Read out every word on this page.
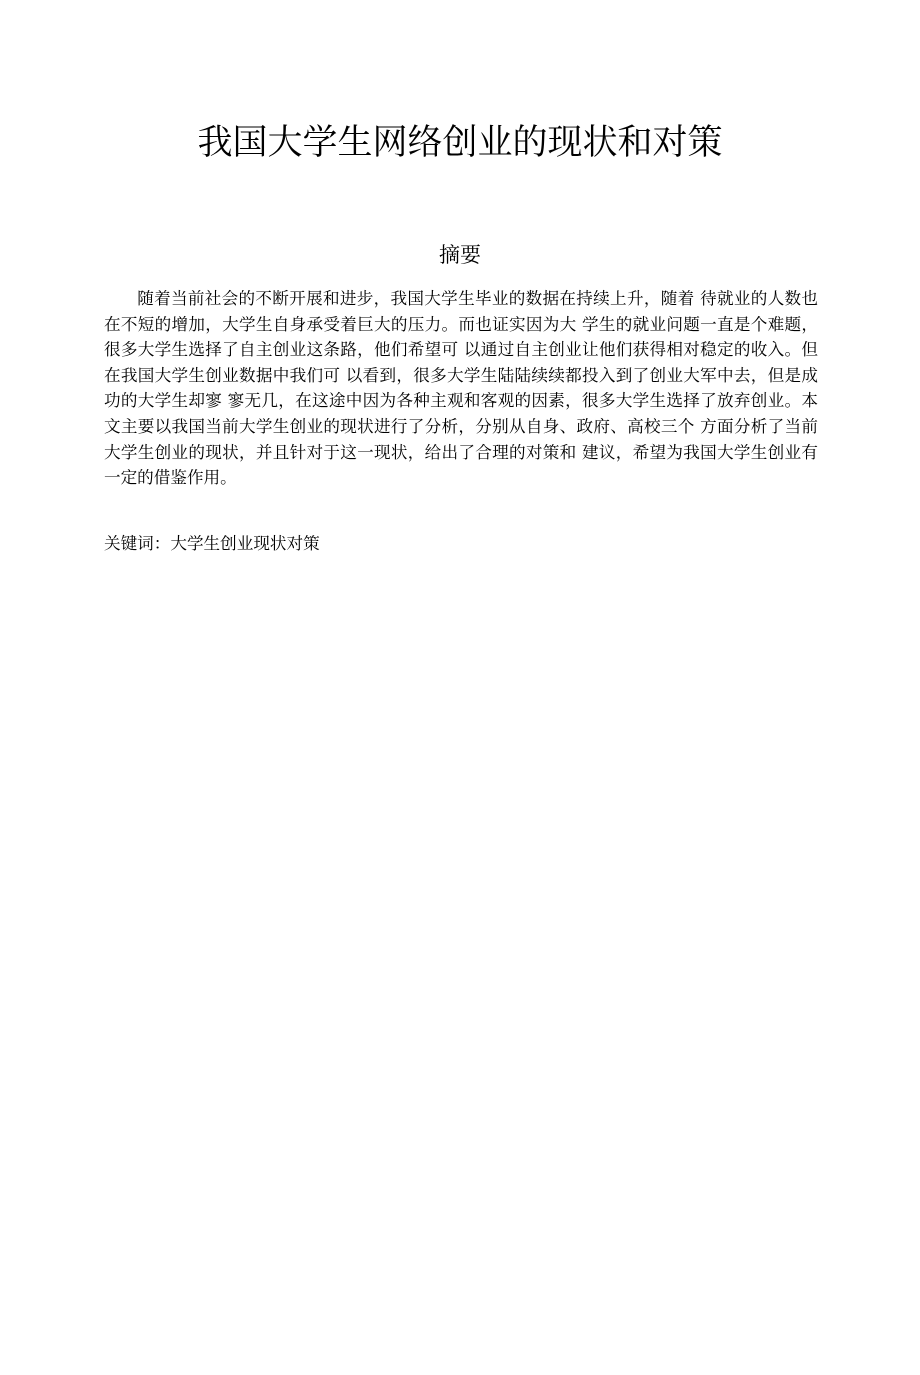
我国大学生网络创业的现状和对策
摘要

随着当前社会的不断开展和进步，我国大学生毕业的数据在持续上升，随着 待就业的人数也在不短的增加，大学生自身承受着巨大的压力。而也证实因为大 学生的就业问题一直是个难题，很多大学生选择了自主创业这条路，他们希望可 以通过自主创业让他们获得相对稳定的收入。但在我国大学生创业数据中我们可 以看到，很多大学生陆陆续续都投入到了创业大军中去，但是成功的大学生却寥 寥无几，在这途中因为各种主观和客观的因素，很多大学生选择了放弃创业。本 文主要以我国当前大学生创业的现状进行了分析，分别从自身、政府、高校三个 方面分析了当前大学生创业的现状，并且针对于这一现状，给出了合理的对策和 建议，希望为我国大学生创业有一定的借鉴作用。

关键词：大学生创业现状对策
